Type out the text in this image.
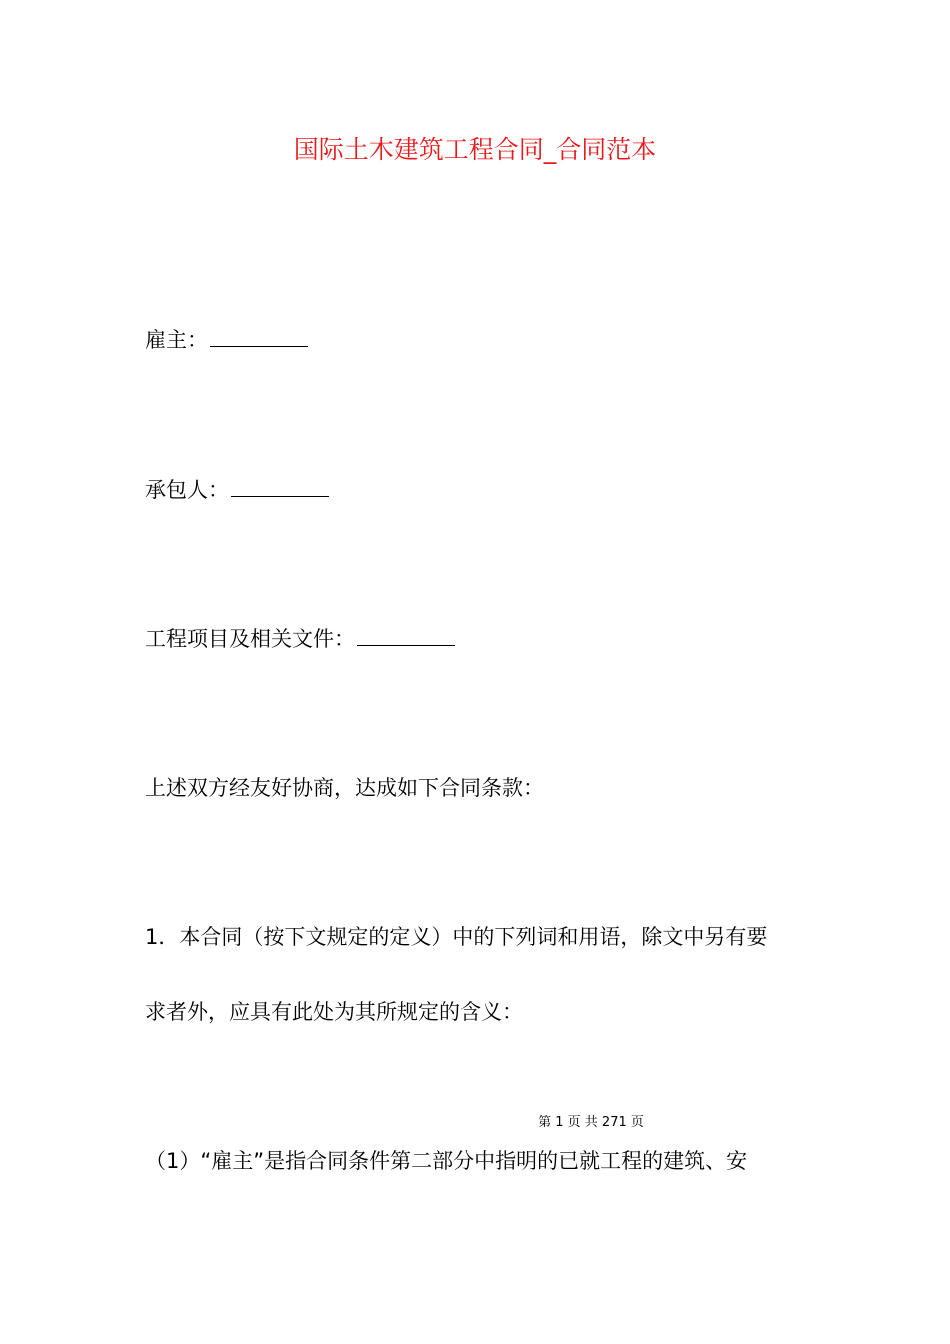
国际土木建筑工程合同_合同范本
雇主：
承包人：
工程项目及相关文件：
上述双方经友好协商，达成如下合同条款：
1．本合同（按下文规定的定义）中的下列词和用语，除文中另有要
求者外，应具有此处为其所规定的含义：
第 1 页 共 271 页
（1）“雇主”是指合同条件第二部分中指明的已就工程的建筑、安
